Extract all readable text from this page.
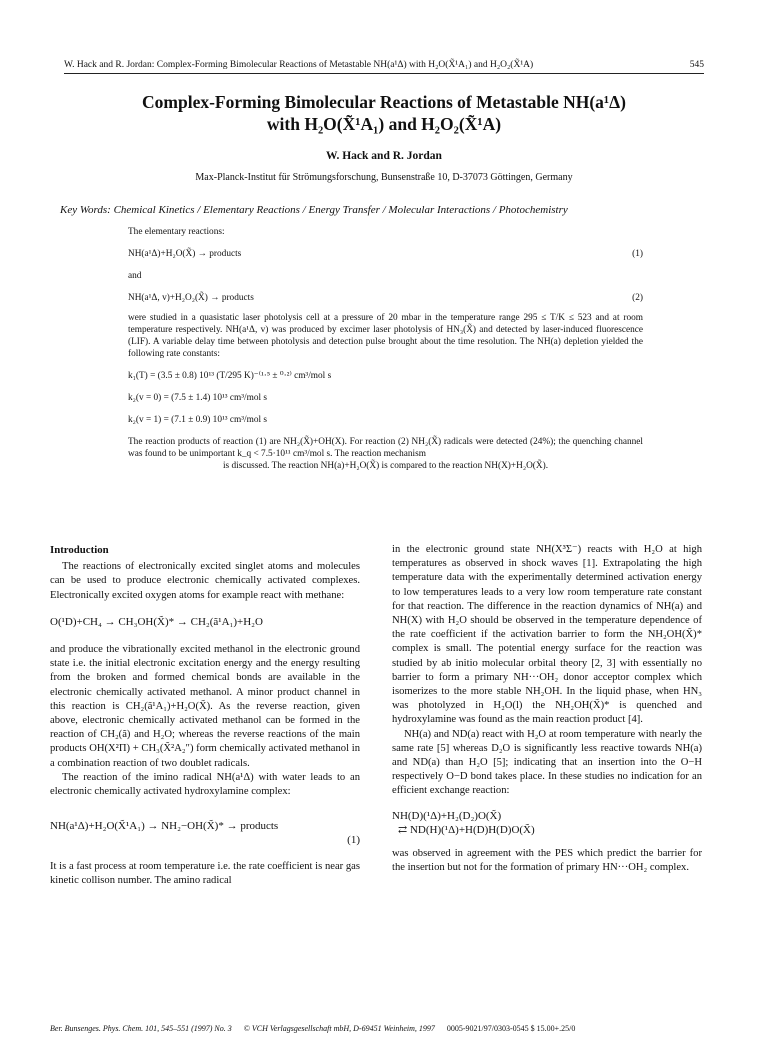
W. Hack and R. Jordan: Complex-Forming Bimolecular Reactions of Metastable NH(a¹Δ) with H₂O(X̃¹A₁) and H₂O₂(X̃¹A)	545
Complex-Forming Bimolecular Reactions of Metastable NH(a¹Δ)
with H₂O(X̃¹A₁) and H₂O₂(X̃¹A)
W. Hack and R. Jordan
Max-Planck-Institut für Strömungsforschung, Bunsenstraße 10, D-37073 Göttingen, Germany
Key Words: Chemical Kinetics / Elementary Reactions / Energy Transfer / Molecular Interactions / Photochemistry

The elementary reactions:

NH(a¹Δ)+H₂O(X̃) → products	(1)

and

NH(a¹Δ, v)+H₂O₂(X̃) → products	(2)

were studied in a quasistatic laser photolysis cell at a pressure of 20 mbar in the temperature range 295 ≤ T/K ≤ 523 and at room temperature respectively. NH(a¹Δ, v) was produced by excimer laser photolysis of HN₃(X̃) and detected by laser-induced fluorescence (LIF). A variable delay time between photolysis and detection pulse brought about the time resolution. The NH(a) depletion yielded the following rate constants:

k₁(T) = (3.5 ± 0.8) 10¹³ (T/295 K)⁻⁽¹·⁵ ± ⁰·²⁾ cm³/mol s

k₂(v = 0) = (7.5 ± 1.4) 10¹³ cm³/mol s

k₂(v = 1) = (7.1 ± 0.9) 10¹³ cm³/mol s

The reaction products of reaction (1) are NH₂(X̃)+OH(X). For reaction (2) NH₂(X̃) radicals were detected (24%); the quenching channel was found to be unimportant k_q < 7.5·10¹¹ cm³/mol s. The reaction mechanism

is discussed. The reaction NH(a)+H₂O(X̃) is compared to the reaction NH(X)+H₂O(X̃).

Introduction

The reactions of electronically excited singlet atoms and molecules can be used to produce electronic chemically activated complexes. Electronically excited oxygen atoms for example react with methane:

O(¹D)+CH₄ → CH₃OH(X̃)* → CH₂(ã¹A₁)+H₂O

and produce the vibrationally excited methanol in the electronic ground state i.e. the initial electronic excitation energy and the energy resulting from the broken and formed chemical bonds are available in the electronic chemically activated methanol. A minor product channel in this reaction is CH₂(ã¹A₁)+H₂O(X̃). As the reverse reaction, given above, electronic chemically activated methanol can be formed in the reaction of CH₂(ã) and H₂O; whereas the reverse reactions of the main products OH(X²Π) + CH₃(X̃²A₂″) form chemically activated methanol in a combination reaction of two doublet radicals.

The reaction of the imino radical NH(a¹Δ) with water leads to an electronic chemically activated hydroxylamine complex:

NH(a¹Δ)+H₂O(X̃¹A₁) → NH₂−OH(X̃)* → products
(1)

It is a fast process at room temperature i.e. the rate coefficient is near gas kinetic collison number. The amino radical

in the electronic ground state NH(X³Σ⁻) reacts with H₂O at high temperatures as observed in shock waves [1]. Extrapolating the high temperature data with the experimentally determined activation energy to low temperatures leads to a very low room temperature rate constant for that reaction. The difference in the reaction dynamics of NH(a) and NH(X) with H₂O should be observed in the temperature dependence of the rate coefficient if the activation barrier to form the NH₂OH(X̃)* complex is small. The potential energy surface for the reaction was studied by ab initio molecular orbital theory [2, 3] with essentially no barrier to form a primary NH···OH₂ donor acceptor complex which isomerizes to the more stable NH₂OH. In the liquid phase, when HN₃ was photolyzed in H₂O(l) the NH₂OH(X̃)* is quenched and hydroxylamine was found as the main reaction product [4].

NH(a) and ND(a) react with H₂O at room temperature with nearly the same rate [5] whereas D₂O is significantly less reactive towards NH(a) and ND(a) than H₂O [5]; indicating that an insertion into the O−H respectively O−D bond takes place. In these studies no indication for an efficient exchange reaction:

NH(D)(¹Δ)+H₂(D₂)O(X̃)
⇄ ND(H)(¹Δ)+H(D)H(D)O(X̃)

was observed in agreement with the PES which predict the barrier for the insertion but not for the formation of primary HN···OH₂ complex.

Ber. Bunsenges. Phys. Chem. 101, 545–551 (1997) No. 3 © VCH Verlagsgesellschaft mbH, D-69451 Weinheim, 1997 0005-9021/97/0303-0545 $ 15.00+.25/0
